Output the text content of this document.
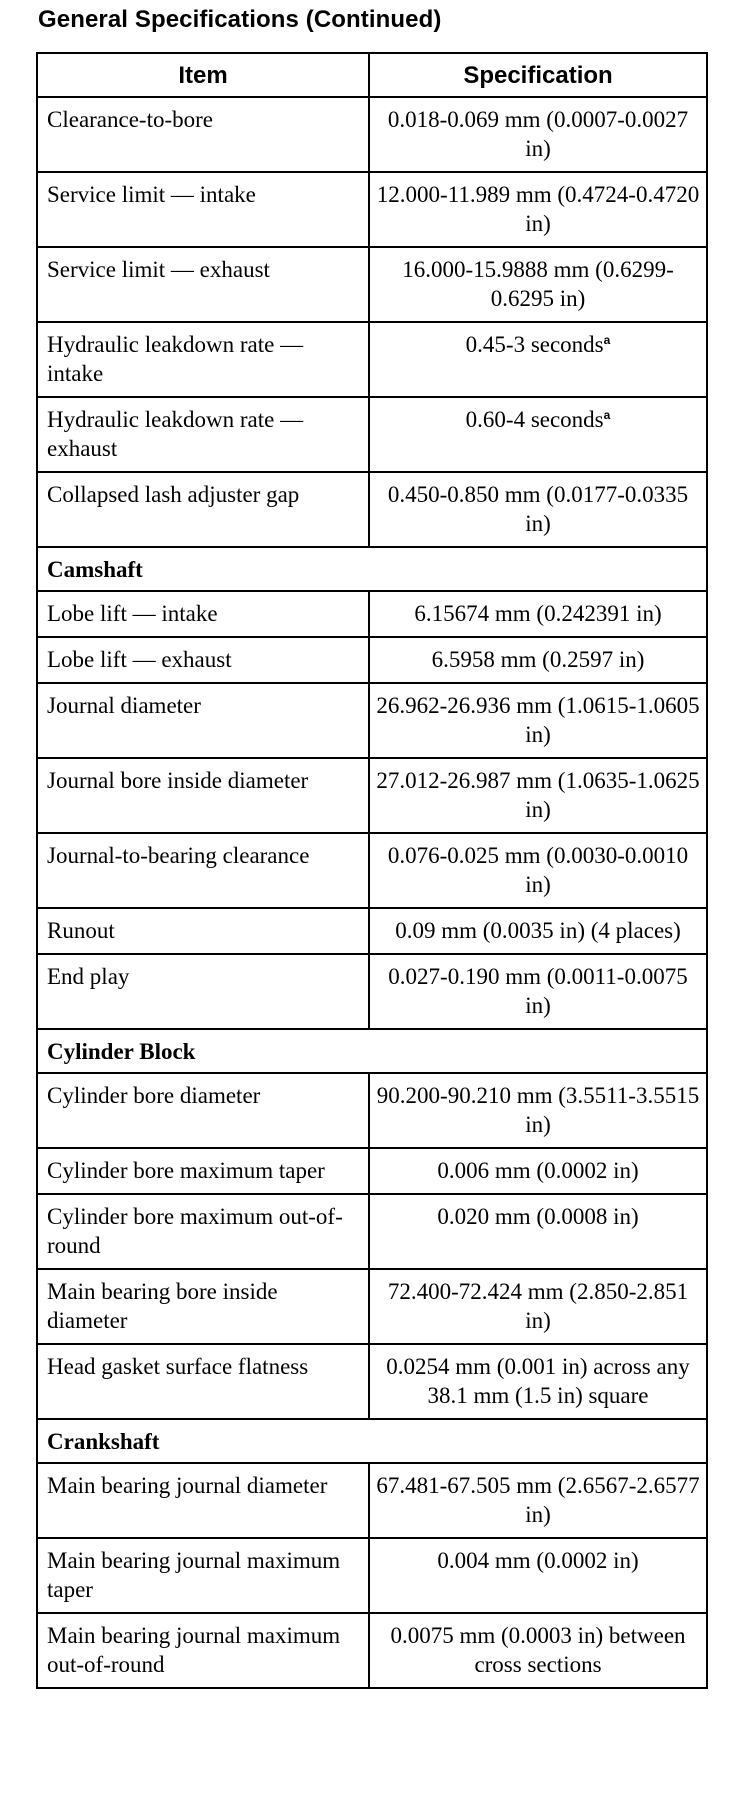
General Specifications (Continued)
Item	Specification
Clearance-to-bore	0.018-0.069 mm (0.0007-0.0027 in)
Service limit — intake	12.000-11.989 mm (0.4724-0.4720 in)
Service limit — exhaust	16.000-15.9888 mm (0.6299-0.6295 in)
Hydraulic leakdown rate — intake	0.45-3 seconds$^a$
Hydraulic leakdown rate — exhaust	0.60-4 seconds$^a$
Collapsed lash adjuster gap	0.450-0.850 mm (0.0177-0.0335 in)
Camshaft	
Lobe lift — intake	6.15674 mm (0.242391 in)
Lobe lift — exhaust	6.5958 mm (0.2597 in)
Journal diameter	26.962-26.936 mm (1.0615-1.0605 in)
Journal bore inside diameter	27.012-26.987 mm (1.0635-1.0625 in)
Journal-to-bearing clearance	0.076-0.025 mm (0.0030-0.0010 in)
Runout	0.09 mm (0.0035 in) (4 places)
End play	0.027-0.190 mm (0.0011-0.0075 in)
Cylinder Block	
Cylinder bore diameter	90.200-90.210 mm (3.5511-3.5515 in)
Cylinder bore maximum taper	0.006 mm (0.0002 in)
Cylinder bore maximum out-of-round	0.020 mm (0.0008 in)
Main bearing bore inside diameter	72.400-72.424 mm (2.850-2.851 in)
Head gasket surface flatness	0.0254 mm (0.001 in) across any 38.1 mm (1.5 in) square
Crankshaft	
Main bearing journal diameter	67.481-67.505 mm (2.6567-2.6577 in)
Main bearing journal maximum taper	0.004 mm (0.0002 in)
Main bearing journal maximum out-of-round	0.0075 mm (0.0003 in) between cross sections
